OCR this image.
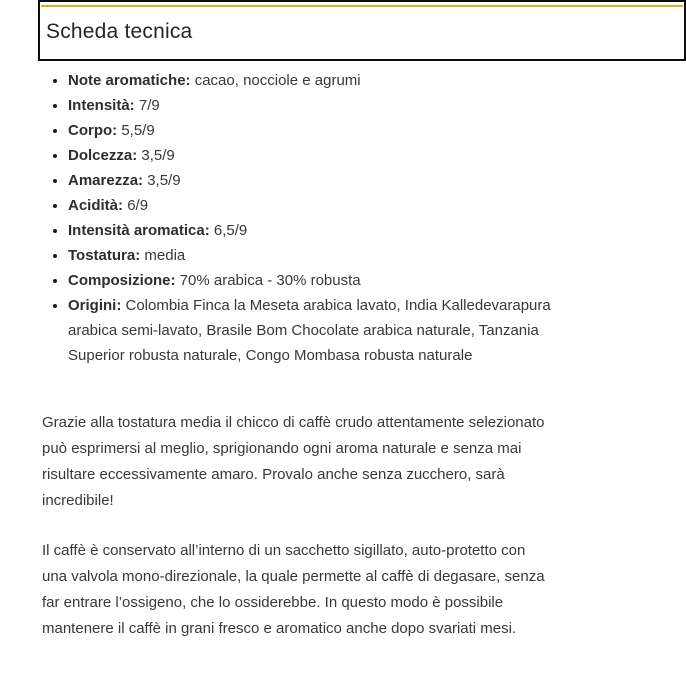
Scheda tecnica
• Note aromatiche: cacao, nocciole e agrumi
• Intensità: 7/9
• Corpo: 5,5/9
• Dolcezza: 3,5/9
• Amarezza: 3,5/9
• Acidità: 6/9
• Intensità aromatica: 6,5/9
• Tostatura: media
• Composizione: 70% arabica - 30% robusta
• Origini: Colombia Finca la Meseta arabica lavato, India Kalledevarapura arabica semi-lavato, Brasile Bom Chocolate arabica naturale, Tanzania Superior robusta naturale, Congo Mombasa robusta naturale

Grazie alla tostatura media il chicco di caffè crudo attentamente selezionato può esprimersi al meglio, sprigionando ogni aroma naturale e senza mai risultare eccessivamente amaro. Provalo anche senza zucchero, sarà incredibile!

Il caffè è conservato all’interno di un sacchetto sigillato, auto-protetto con una valvola mono-direzionale, la quale permette al caffè di degasare, senza far entrare l’ossigeno, che lo ossiderebbe. In questo modo è possibile mantenere il caffè in grani fresco e aromatico anche dopo svariati mesi.
